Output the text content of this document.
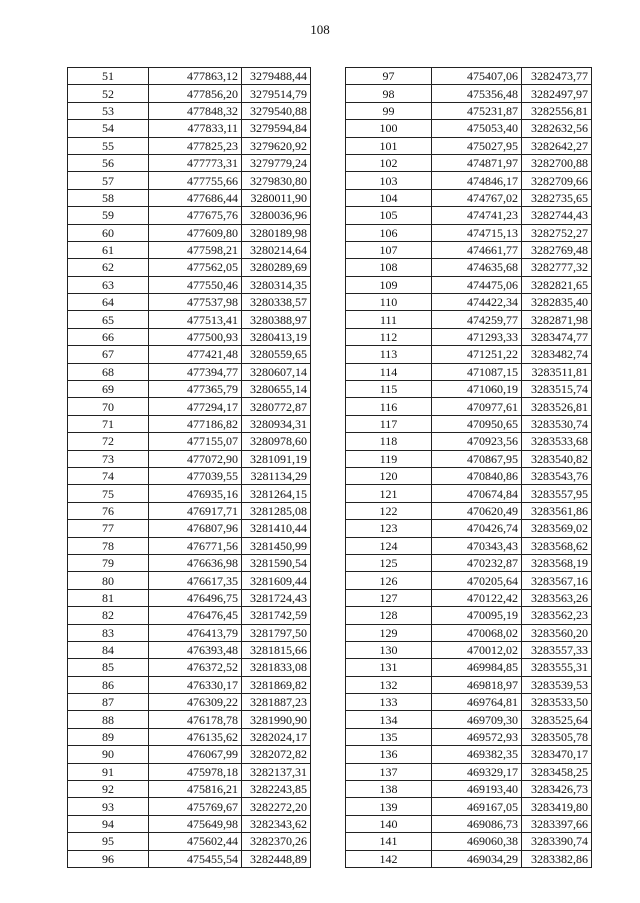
108
51	477863,12	3279488,44
52	477856,20	3279514,79
53	477848,32	3279540,88
54	477833,11	3279594,84
55	477825,23	3279620,92
56	477773,31	3279779,24
57	477755,66	3279830,80
58	477686,44	3280011,90
59	477675,76	3280036,96
60	477609,80	3280189,98
61	477598,21	3280214,64
62	477562,05	3280289,69
63	477550,46	3280314,35
64	477537,98	3280338,57
65	477513,41	3280388,97
66	477500,93	3280413,19
67	477421,48	3280559,65
68	477394,77	3280607,14
69	477365,79	3280655,14
70	477294,17	3280772,87
71	477186,82	3280934,31
72	477155,07	3280978,60
73	477072,90	3281091,19
74	477039,55	3281134,29
75	476935,16	3281264,15
76	476917,71	3281285,08
77	476807,96	3281410,44
78	476771,56	3281450,99
79	476636,98	3281590,54
80	476617,35	3281609,44
81	476496,75	3281724,43
82	476476,45	3281742,59
83	476413,79	3281797,50
84	476393,48	3281815,66
85	476372,52	3281833,08
86	476330,17	3281869,82
87	476309,22	3281887,23
88	476178,78	3281990,90
89	476135,62	3282024,17
90	476067,99	3282072,82
91	475978,18	3282137,31
92	475816,21	3282243,85
93	475769,67	3282272,20
94	475649,98	3282343,62
95	475602,44	3282370,26
96	475455,54	3282448,89
97	475407,06	3282473,77
98	475356,48	3282497,97
99	475231,87	3282556,81
100	475053,40	3282632,56
101	475027,95	3282642,27
102	474871,97	3282700,88
103	474846,17	3282709,66
104	474767,02	3282735,65
105	474741,23	3282744,43
106	474715,13	3282752,27
107	474661,77	3282769,48
108	474635,68	3282777,32
109	474475,06	3282821,65
110	474422,34	3282835,40
111	474259,77	3282871,98
112	471293,33	3283474,77
113	471251,22	3283482,74
114	471087,15	3283511,81
115	471060,19	3283515,74
116	470977,61	3283526,81
117	470950,65	3283530,74
118	470923,56	3283533,68
119	470867,95	3283540,82
120	470840,86	3283543,76
121	470674,84	3283557,95
122	470620,49	3283561,86
123	470426,74	3283569,02
124	470343,43	3283568,62
125	470232,87	3283568,19
126	470205,64	3283567,16
127	470122,42	3283563,26
128	470095,19	3283562,23
129	470068,02	3283560,20
130	470012,02	3283557,33
131	469984,85	3283555,31
132	469818,97	3283539,53
133	469764,81	3283533,50
134	469709,30	3283525,64
135	469572,93	3283505,78
136	469382,35	3283470,17
137	469329,17	3283458,25
138	469193,40	3283426,73
139	469167,05	3283419,80
140	469086,73	3283397,66
141	469060,38	3283390,74
142	469034,29	3283382,86
